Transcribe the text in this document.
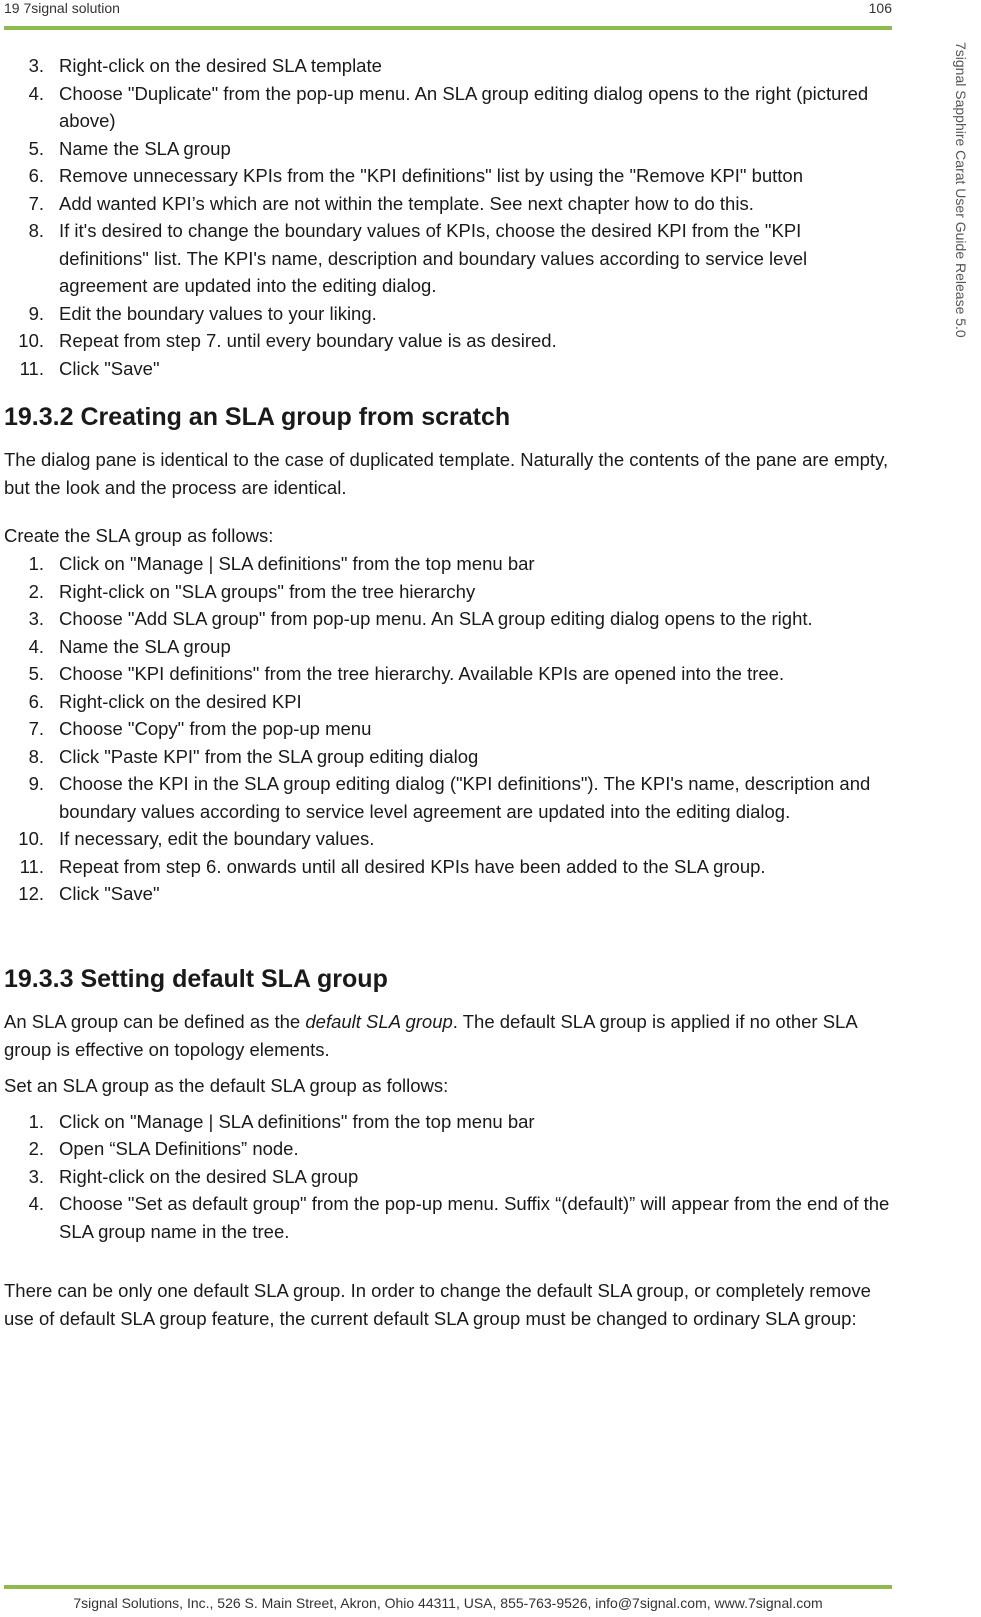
19 7signal solution	106
7signal Sapphire Carat User Guide Release 5.0
3. Right-click on the desired SLA template
4. Choose "Duplicate" from the pop-up menu. An SLA group editing dialog opens to the right (pictured above)
5. Name the SLA group
6. Remove unnecessary KPIs from the "KPI definitions" list by using the "Remove KPI" button
7. Add wanted KPI’s which are not within the template. See next chapter how to do this.
8. If it's desired to change the boundary values of KPIs, choose the desired KPI from the "KPI definitions" list. The KPI's name, description and boundary values according to service level agreement are updated into the editing dialog.
9. Edit the boundary values to your liking.
10. Repeat from step 7. until every boundary value is as desired.
11. Click "Save"
19.3.2 Creating an SLA group from scratch

The dialog pane is identical to the case of duplicated template. Naturally the contents of the pane are empty, but the look and the process are identical.

Create the SLA group as follows:

1. Click on "Manage | SLA definitions" from the top menu bar
2. Right-click on "SLA groups" from the tree hierarchy
3. Choose "Add SLA group" from pop-up menu. An SLA group editing dialog opens to the right.
4. Name the SLA group
5. Choose "KPI definitions" from the tree hierarchy. Available KPIs are opened into the tree.
6. Right-click on the desired KPI
7. Choose "Copy" from the pop-up menu
8. Click "Paste KPI" from the SLA group editing dialog
9. Choose the KPI in the SLA group editing dialog ("KPI definitions"). The KPI's name, description and boundary values according to service level agreement are updated into the editing dialog.
10. If necessary, edit the boundary values.
11. Repeat from step 6. onwards until all desired KPIs have been added to the SLA group.
12. Click "Save"
19.3.3 Setting default SLA group

An SLA group can be defined as the default SLA group. The default SLA group is applied if no other SLA group is effective on topology elements.

Set an SLA group as the default SLA group as follows:

1. Click on "Manage | SLA definitions" from the top menu bar
2. Open “SLA Definitions” node.
3. Right-click on the desired SLA group
4. Choose "Set as default group" from the pop-up menu. Suffix “(default)” will appear from the end of the SLA group name in the tree.

There can be only one default SLA group. In order to change the default SLA group, or completely remove use of default SLA group feature, the current default SLA group must be changed to ordinary SLA group:

7signal Solutions, Inc., 526 S. Main Street, Akron, Ohio 44311, USA, 855-763-9526, info@7signal.com, www.7signal.com
